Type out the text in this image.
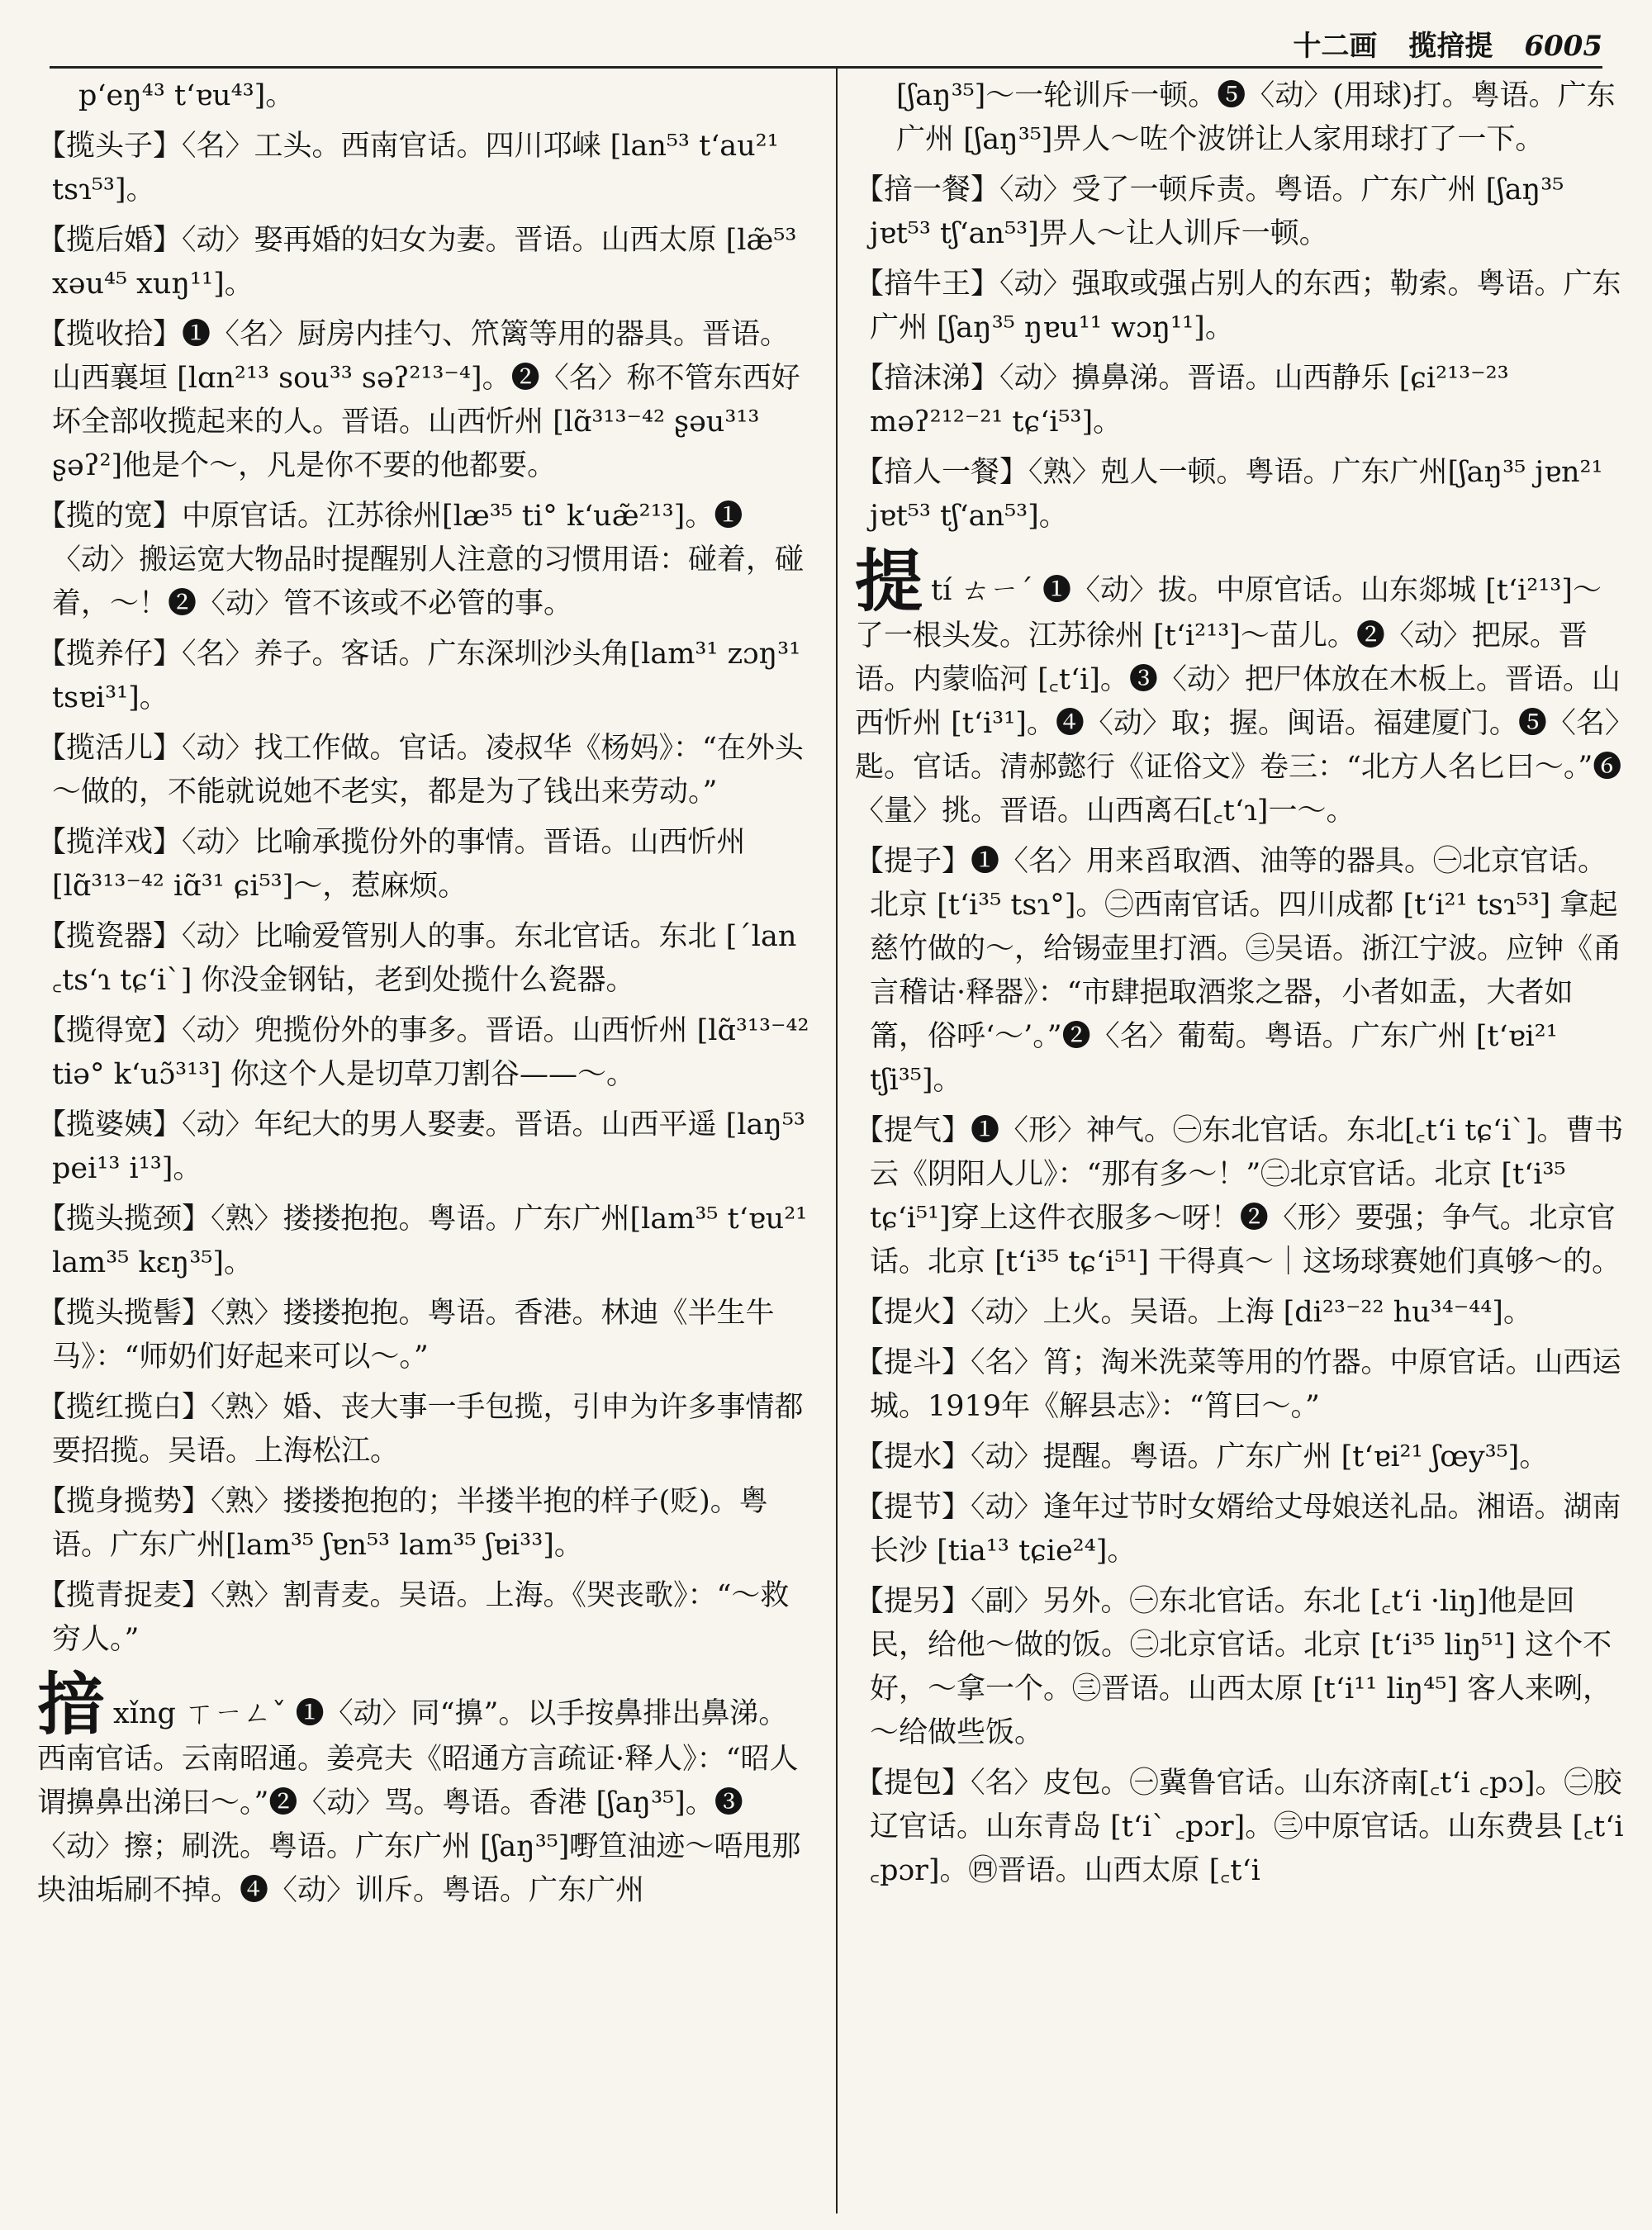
十二画 揽揞提 6005

pʻeŋ⁴³ tʻɐu⁴³]。

【揽头子】〈名〉工头。西南官话。四川邛崃 [lan⁵³ tʻau²¹ tsɿ⁵³]。

【揽后婚】〈动〉娶再婚的妇女为妻。晋语。山西太原 [læ̃⁵³ xəu⁴⁵ xuŋ¹¹]。

【揽收拾】❶〈名〉厨房内挂勺、笊篱等用的器具。晋语。山西襄垣 [lɑn²¹³ sou³³ səʔ²¹³⁻⁴]。❷〈名〉称不管东西好坏全部收揽起来的人。晋语。山西忻州 [lɑ̃³¹³⁻⁴² ʂəu³¹³ ʂəʔ²]他是个～，凡是你不要的他都要。

【揽的宽】中原官话。江苏徐州[læ³⁵ ti° kʻuæ̃²¹³]。❶〈动〉搬运宽大物品时提醒别人注意的习惯用语：碰着，碰着，～！❷〈动〉管不该或不必管的事。

【揽养仔】〈名〉养子。客话。广东深圳沙头角[lam³¹ zɔŋ³¹ tsɐi³¹]。

【揽活儿】〈动〉找工作做。官话。凌叔华《杨妈》：“在外头～做的，不能就说她不老实，都是为了钱出来劳动。”

【揽洋戏】〈动〉比喻承揽份外的事情。晋语。山西忻州 [lɑ̃³¹³⁻⁴² iɑ̃³¹ ɕi⁵³]～，惹麻烦。

【揽瓷器】〈动〉比喻爱管别人的事。东北官话。东北 [ˊlan ꜀tsʻɿ tɕʻiˋ] 你没金钢钻，老到处揽什么瓷器。

【揽得宽】〈动〉兜揽份外的事多。晋语。山西忻州 [lɑ̃³¹³⁻⁴² tiə° kʻuɔ̃³¹³] 你这个人是切草刀割谷——～。

【揽婆姨】〈动〉年纪大的男人娶妻。晋语。山西平遥 [laŋ⁵³ pei¹³ i¹³]。

【揽头揽颈】〈熟〉搂搂抱抱。粤语。广东广州[lam³⁵ tʻɐu²¹ lam³⁵ kɛŋ³⁵]。

【揽头揽髻】〈熟〉搂搂抱抱。粤语。香港。林迪《半生牛马》：“师奶们好起来可以～。”

【揽红揽白】〈熟〉婚、丧大事一手包揽，引申为许多事情都要招揽。吴语。上海松江。

【揽身揽势】〈熟〉搂搂抱抱的；半搂半抱的样子(贬)。粤语。广东广州[lam³⁵ ʃɐn⁵³ lam³⁵ ʃɐi³³]。

【揽青捉麦】〈熟〉割青麦。吴语。上海。《哭丧歌》：“～救穷人。”

揞xǐng ㄒㄧㄥˇ ❶〈动〉同“擤”。以手按鼻排出鼻涕。西南官话。云南昭通。姜亮夫《昭通方言疏证·释人》：“昭人谓擤鼻出涕曰～。”❷〈动〉骂。粤语。香港 [ʃaŋ³⁵]。❸〈动〉擦；刷洗。粤语。广东广州 [ʃaŋ³⁵]嘢笪油迹～唔甩那块油垢刷不掉。❹〈动〉训斥。粤语。广东广州

[ʃaŋ³⁵]～一轮训斥一顿。❺〈动〉(用球)打。粤语。广东广州 [ʃaŋ³⁵]畀人～咗个波饼让人家用球打了一下。

【揞一餐】〈动〉受了一顿斥责。粤语。广东广州 [ʃaŋ³⁵ jɐt⁵³ tʃʻan⁵³]畀人～让人训斥一顿。

【揞牛王】〈动〉强取或强占别人的东西；勒索。粤语。广东广州 [ʃaŋ³⁵ ŋɐu¹¹ wɔŋ¹¹]。

【揞沫涕】〈动〉擤鼻涕。晋语。山西静乐 [ɕi²¹³⁻²³ məʔ²¹²⁻²¹ tɕʻi⁵³]。

【揞人一餐】〈熟〉剋人一顿。粤语。广东广州[ʃaŋ³⁵ jɐn²¹ jɐt⁵³ tʃʻan⁵³]。

提tí ㄊㄧˊ ❶〈动〉拔。中原官话。山东郯城 [tʻi²¹³]～了一根头发。江苏徐州 [tʻi²¹³]～苗儿。❷〈动〉把尿。晋语。内蒙临河 [꜀tʻi]。❸〈动〉把尸体放在木板上。晋语。山西忻州 [tʻi³¹]。❹〈动〉取；握。闽语。福建厦门。❺〈名〉匙。官话。清郝懿行《证俗文》卷三：“北方人名匕曰～。”❻〈量〉挑。晋语。山西离石[꜀tʻɿ]一～。

【提子】❶〈名〉用来舀取酒、油等的器具。㊀北京官话。北京 [tʻi³⁵ tsɿ°]。㊁西南官话。四川成都 [tʻi²¹ tsɿ⁵³] 拿起慈竹做的～，给锡壶里打酒。㊂吴语。浙江宁波。应钟《甬言稽诂·释器》：“市肆挹取酒浆之器，小者如盂，大者如筩，俗呼‘～’。”❷〈名〉葡萄。粤语。广东广州 [tʻɐi²¹ tʃi³⁵]。

【提气】❶〈形〉神气。㊀东北官话。东北[꜀tʻi tɕʻiˋ]。曹书云《阴阳人儿》：“那有多～！”㊁北京官话。北京 [tʻi³⁵ tɕʻi⁵¹]穿上这件衣服多～呀！❷〈形〉要强；争气。北京官话。北京 [tʻi³⁵ tɕʻi⁵¹] 干得真～｜这场球赛她们真够～的。

【提火】〈动〉上火。吴语。上海 [di²³⁻²² hu³⁴⁻⁴⁴]。

【提斗】〈名〉筲；淘米洗菜等用的竹器。中原官话。山西运城。1919年《解县志》：“筲曰～。”

【提水】〈动〉提醒。粤语。广东广州 [tʻɐi²¹ ʃœy³⁵]。

【提节】〈动〉逢年过节时女婿给丈母娘送礼品。湘语。湖南长沙 [tia¹³ tɕie²⁴]。

【提另】〈副〉另外。㊀东北官话。东北 [꜀tʻi ·liŋ]他是回民，给他～做的饭。㊁北京官话。北京 [tʻi³⁵ liŋ⁵¹] 这个不好，～拿一个。㊂晋语。山西太原 [tʻi¹¹ liŋ⁴⁵] 客人来咧，～给做些饭。

【提包】〈名〉皮包。㊀冀鲁官话。山东济南[꜀tʻi ꜀pɔ]。㊁胶辽官话。山东青岛 [tʻiˋ ꜀pɔr]。㊂中原官话。山东费县 [꜀tʻi ꜀pɔr]。㊃晋语。山西太原 [꜀tʻi
